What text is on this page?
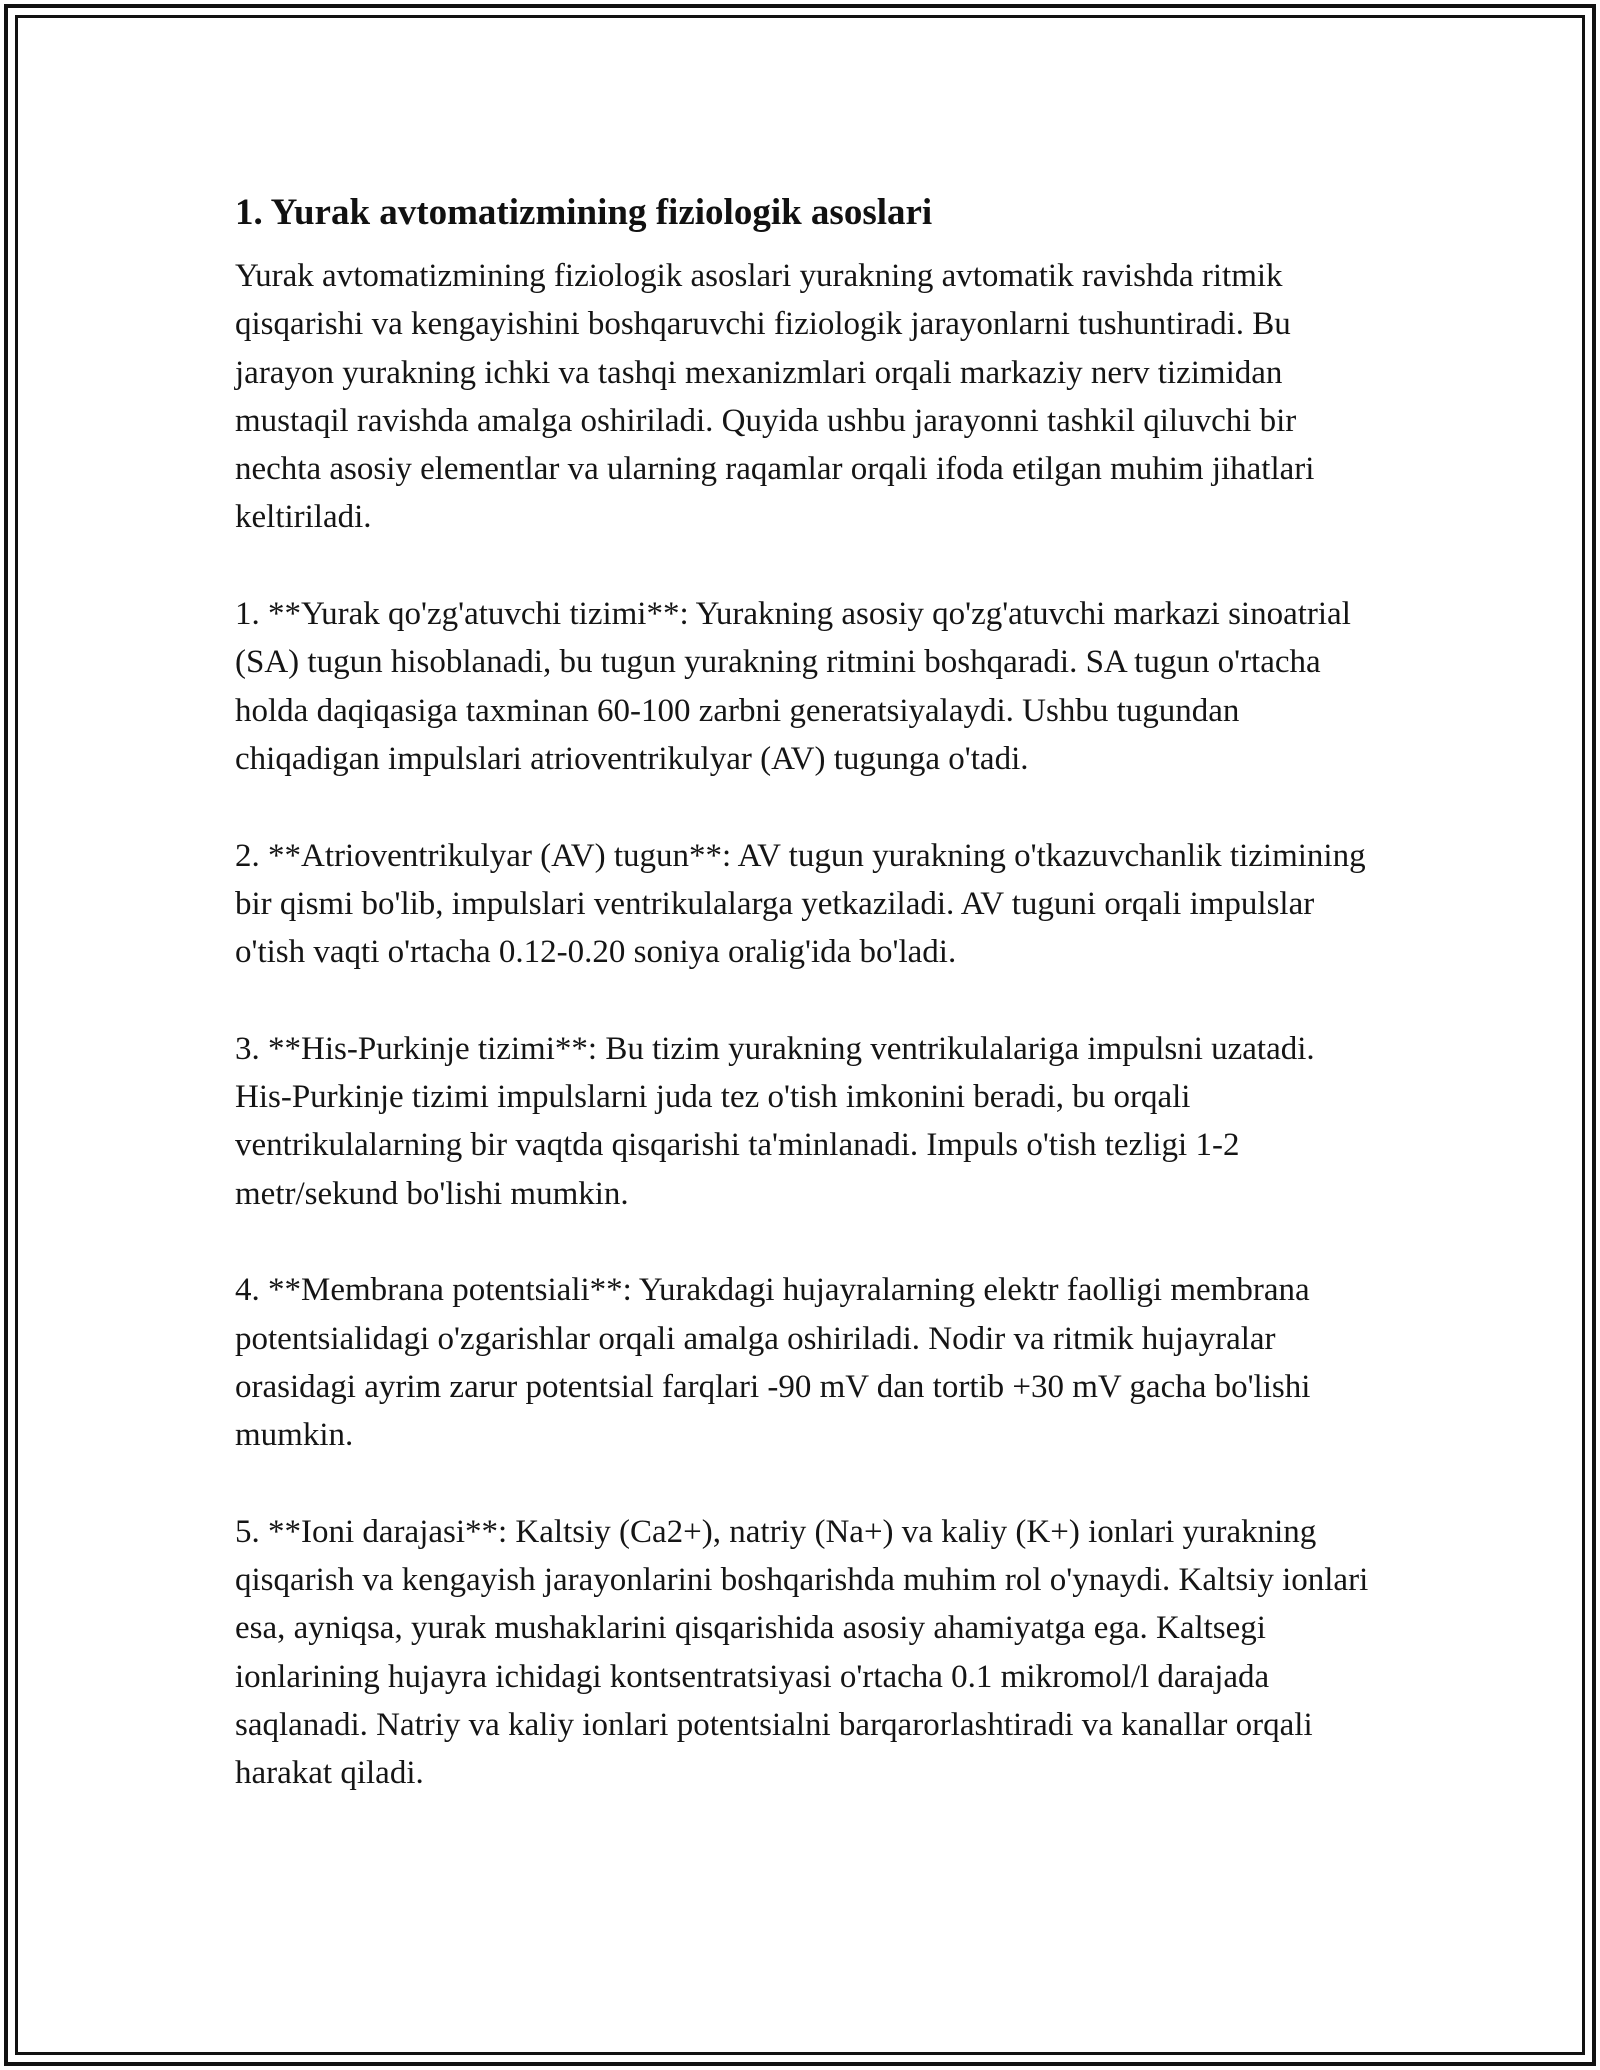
1. Yurak avtomatizmining fiziologik asoslari

Yurak avtomatizmining fiziologik asoslari yurakning avtomatik ravishda ritmik qisqarishi va kengayishini boshqaruvchi fiziologik jarayonlarni tushuntiradi. Bu jarayon yurakning ichki va tashqi mexanizmlari orqali markaziy nerv tizimidan mustaqil ravishda amalga oshiriladi. Quyida ushbu jarayonni tashkil qiluvchi bir nechta asosiy elementlar va ularning raqamlar orqali ifoda etilgan muhim jihatlari keltiriladi.

1. **Yurak qo'zg'atuvchi tizimi**: Yurakning asosiy qo'zg'atuvchi markazi sinoatrial (SA) tugun hisoblanadi, bu tugun yurakning ritmini boshqaradi. SA tugun o'rtacha holda daqiqasiga taxminan 60-100 zarbni generatsiyalaydi. Ushbu tugundan chiqadigan impulslari atrioventrikulyar (AV) tugunga o'tadi.

2. **Atrioventrikulyar (AV) tugun**: AV tugun yurakning o'tkazuvchanlik tizimining bir qismi bo'lib, impulslari ventrikulalarga yetkaziladi. AV tuguni orqali impulslar o'tish vaqti o'rtacha 0.12-0.20 soniya oralig'ida bo'ladi.

3. **His-Purkinje tizimi**: Bu tizim yurakning ventrikulalariga impulsni uzatadi. His-Purkinje tizimi impulslarni juda tez o'tish imkonini beradi, bu orqali ventrikulalarning bir vaqtda qisqarishi ta'minlanadi. Impuls o'tish tezligi 1-2 metr/sekund bo'lishi mumkin.

4. **Membrana potentsiali**: Yurakdagi hujayralarning elektr faolligi membrana potentsialidagi o'zgarishlar orqali amalga oshiriladi. Nodir va ritmik hujayralar orasidagi ayrim zarur potentsial farqlari -90 mV dan tortib +30 mV gacha bo'lishi mumkin.

5. **Ioni darajasi**: Kaltsiy (Ca2+), natriy (Na+) va kaliy (K+) ionlari yurakning qisqarish va kengayish jarayonlarini boshqarishda muhim rol o'ynaydi. Kaltsiy ionlari esa, ayniqsa, yurak mushaklarini qisqarishida asosiy ahamiyatga ega. Kaltsegi ionlarining hujayra ichidagi kontsentratsiyasi o'rtacha 0.1 mikromol/l darajada saqlanadi. Natriy va kaliy ionlari potentsialni barqarorlashtiradi va kanallar orqali harakat qiladi.
